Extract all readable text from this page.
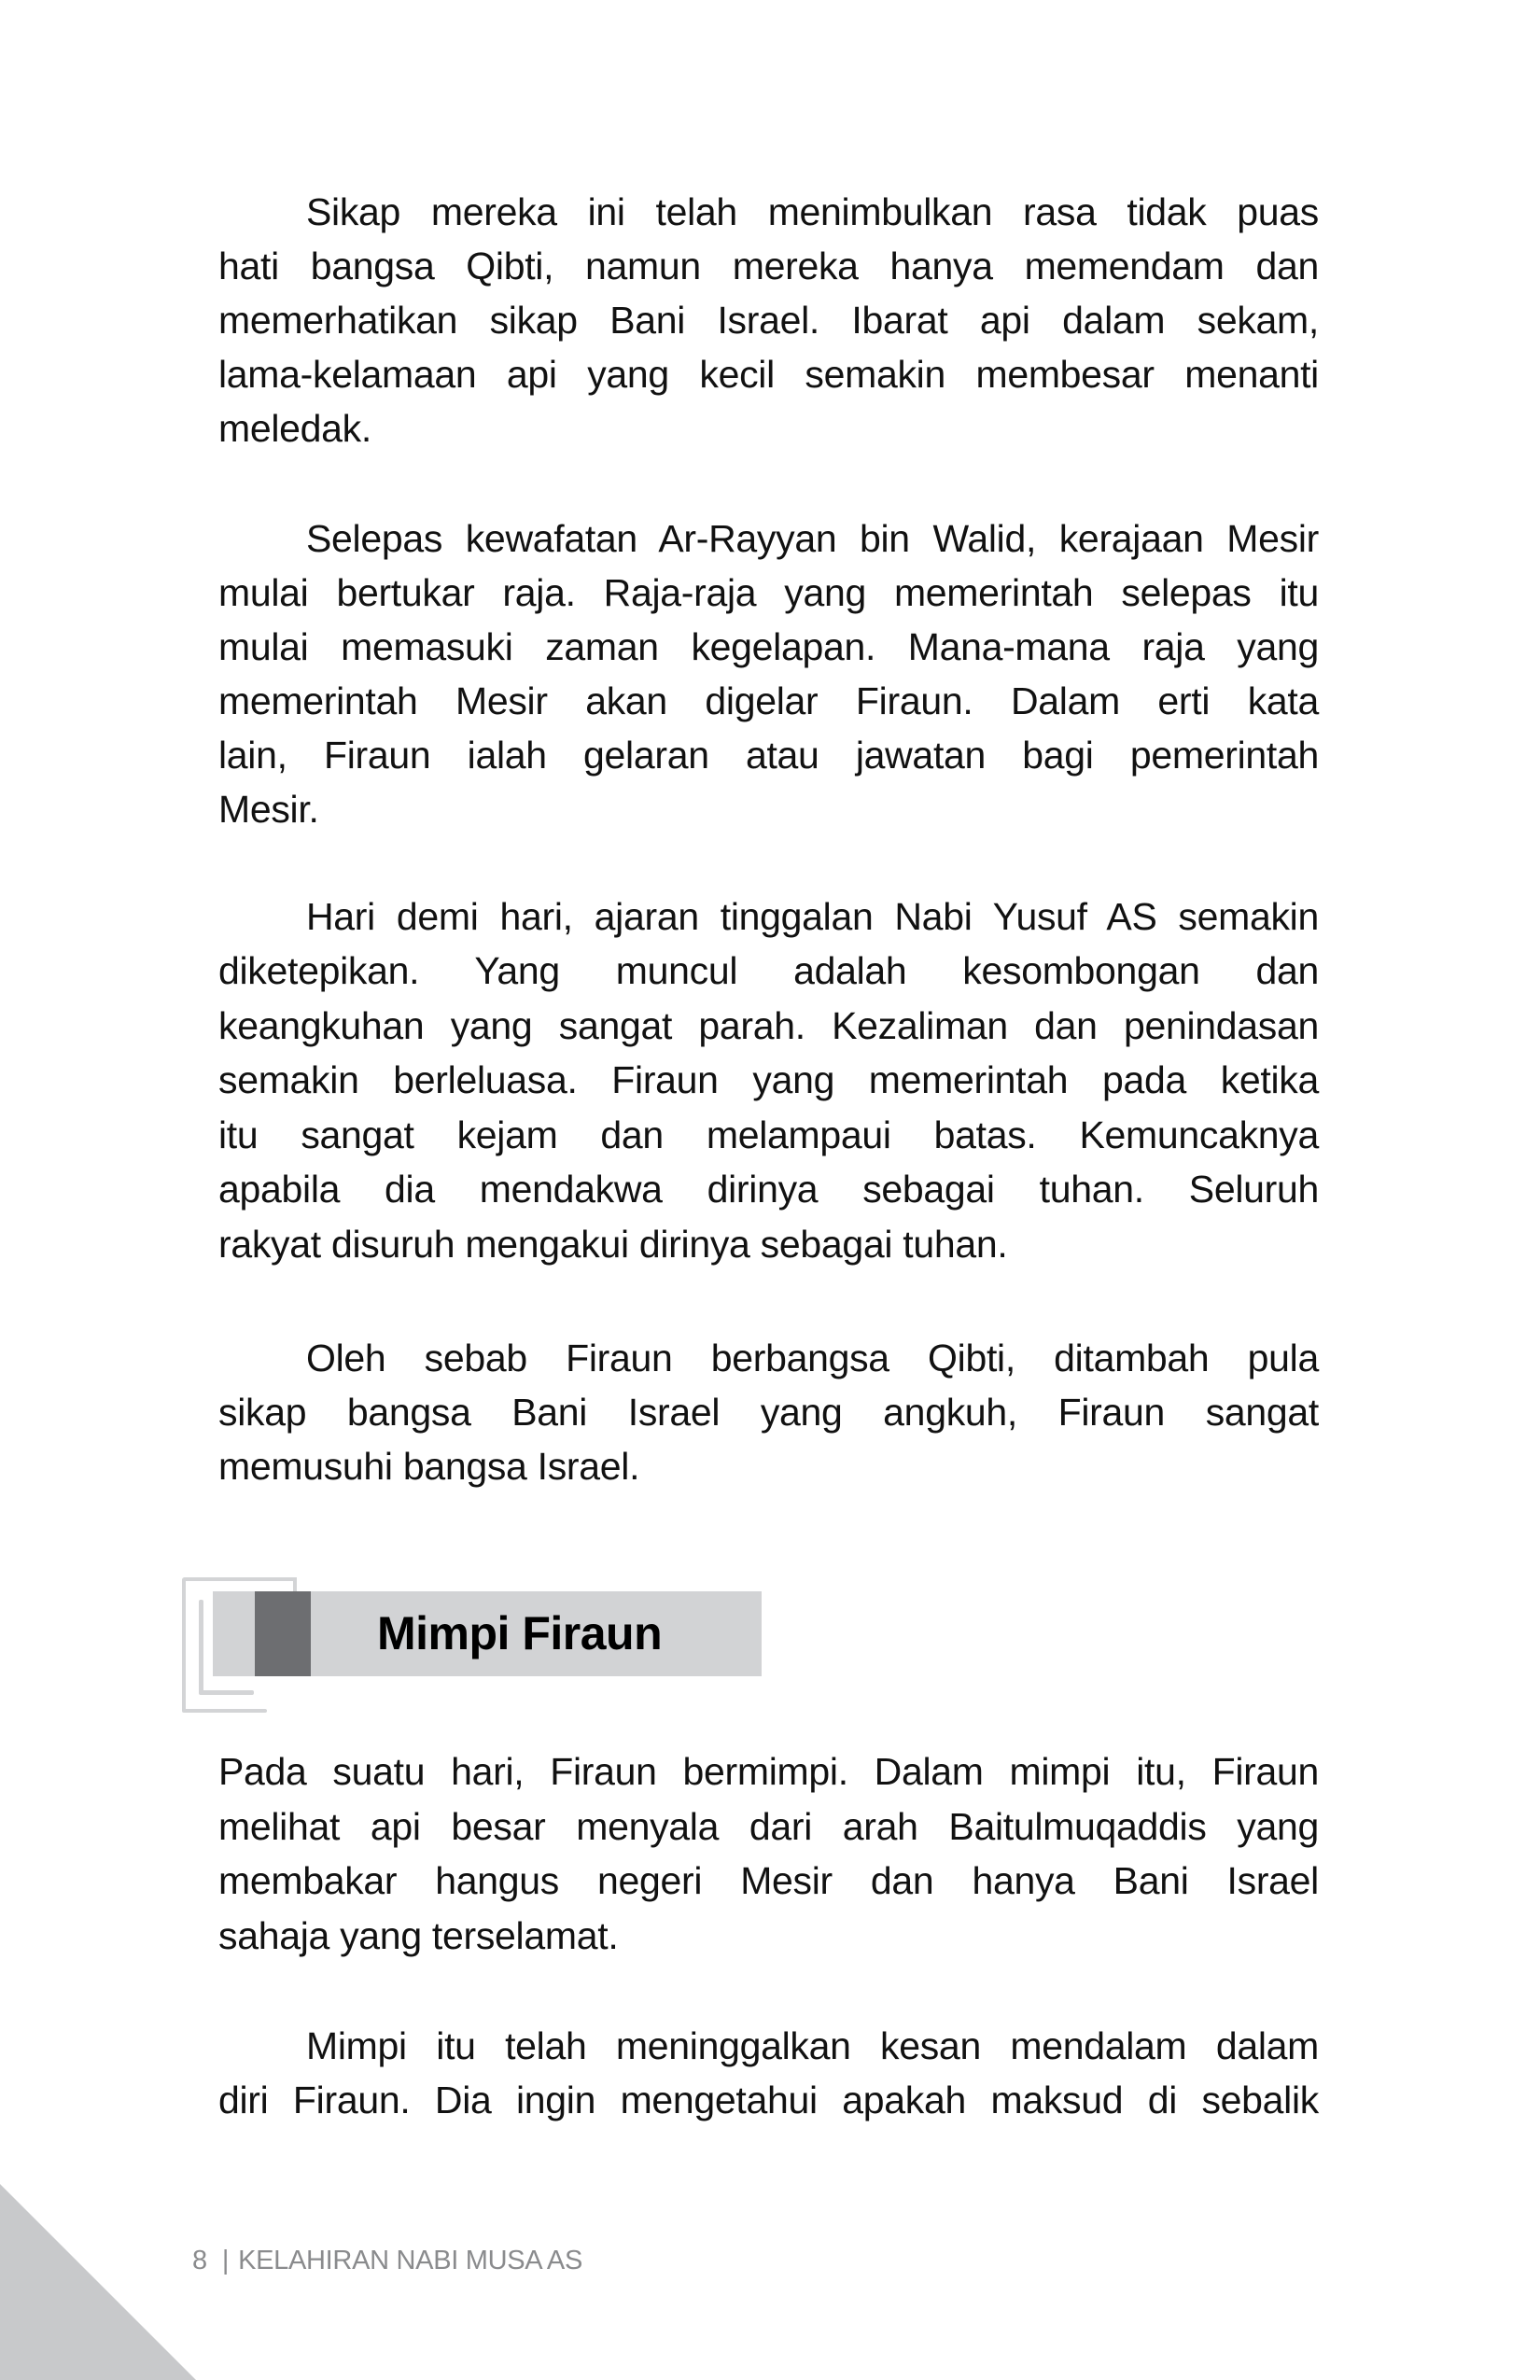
Sikap mereka ini telah menimbulkan rasa tidak puas
hati bangsa Qibti, namun mereka hanya memendam dan
memerhatikan sikap Bani Israel. Ibarat api dalam sekam,
lama-kelamaan api yang kecil semakin membesar menanti
meledak.
Selepas kewafatan Ar-Rayyan bin Walid, kerajaan Mesir
mulai bertukar raja. Raja-raja yang memerintah selepas itu
mulai memasuki zaman kegelapan. Mana-mana raja yang
memerintah Mesir akan digelar Firaun. Dalam erti kata
lain, Firaun ialah gelaran atau jawatan bagi pemerintah
Mesir.
Hari demi hari, ajaran tinggalan Nabi Yusuf AS semakin
diketepikan. Yang muncul adalah kesombongan dan
keangkuhan yang sangat parah. Kezaliman dan penindasan
semakin berleluasa. Firaun yang memerintah pada ketika
itu sangat kejam dan melampaui batas. Kemuncaknya
apabila dia mendakwa dirinya sebagai tuhan. Seluruh
rakyat disuruh mengakui dirinya sebagai tuhan.
Oleh sebab Firaun berbangsa Qibti, ditambah pula
sikap bangsa Bani Israel yang angkuh, Firaun sangat
memusuhi bangsa Israel.
Mimpi Firaun
Pada suatu hari, Firaun bermimpi. Dalam mimpi itu, Firaun
melihat api besar menyala dari arah Baitulmuqaddis yang
membakar hangus negeri Mesir dan hanya Bani Israel
sahaja yang terselamat.
Mimpi itu telah meninggalkan kesan mendalam dalam
diri Firaun. Dia ingin mengetahui apakah maksud di sebalik
8 | KELAHIRAN NABI MUSA AS
